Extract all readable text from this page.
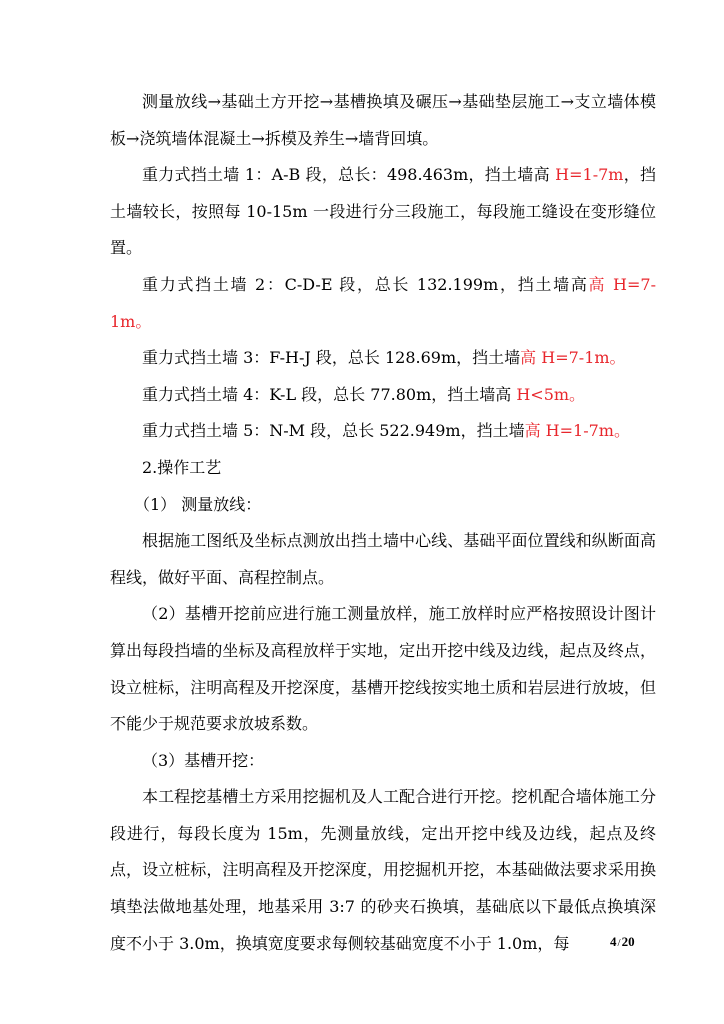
测量放线→基础土方开挖→基槽换填及碾压→基础垫层施工→支立墙体模板→浇筑墙体混凝土→拆模及养生→墙背回填。

重力式挡土墙 1：A-B 段，总长：498.463m，挡土墙高 H=1-7m，挡土墙较长，按照每 10-15m 一段进行分三段施工，每段施工缝设在变形缝位置。

重力式挡土墙 2：C-D-E 段，总长 132.199m，挡土墙高高 H=7-1m。

重力式挡土墙 3：F-H-J 段，总长 128.69m，挡土墙高 H=7-1m。

重力式挡土墙 4：K-L 段，总长 77.80m，挡土墙高 H<5m。

重力式挡土墙 5：N-M 段，总长 522.949m，挡土墙高 H=1-7m。

2.操作工艺

（1） 测量放线：

根据施工图纸及坐标点测放出挡土墙中心线、基础平面位置线和纵断面高程线，做好平面、高程控制点。

（2）基槽开挖前应进行施工测量放样，施工放样时应严格按照设计图计算出每段挡墙的坐标及高程放样于实地，定出开挖中线及边线，起点及终点，设立桩标，注明高程及开挖深度，基槽开挖线按实地土质和岩层进行放坡，但不能少于规范要求放坡系数。

（3）基槽开挖：

本工程挖基槽土方采用挖掘机及人工配合进行开挖。挖机配合墙体施工分段进行，每段长度为 15m，先测量放线，定出开挖中线及边线，起点及终点，设立桩标，注明高程及开挖深度，用挖掘机开挖，本基础做法要求采用换填垫法做地基处理，地基采用 3:7 的砂夹石换填，基础底以下最低点换填深度不小于 3.0m，换填宽度要求每侧较基础宽度不小于 1.0m，每	4/20
